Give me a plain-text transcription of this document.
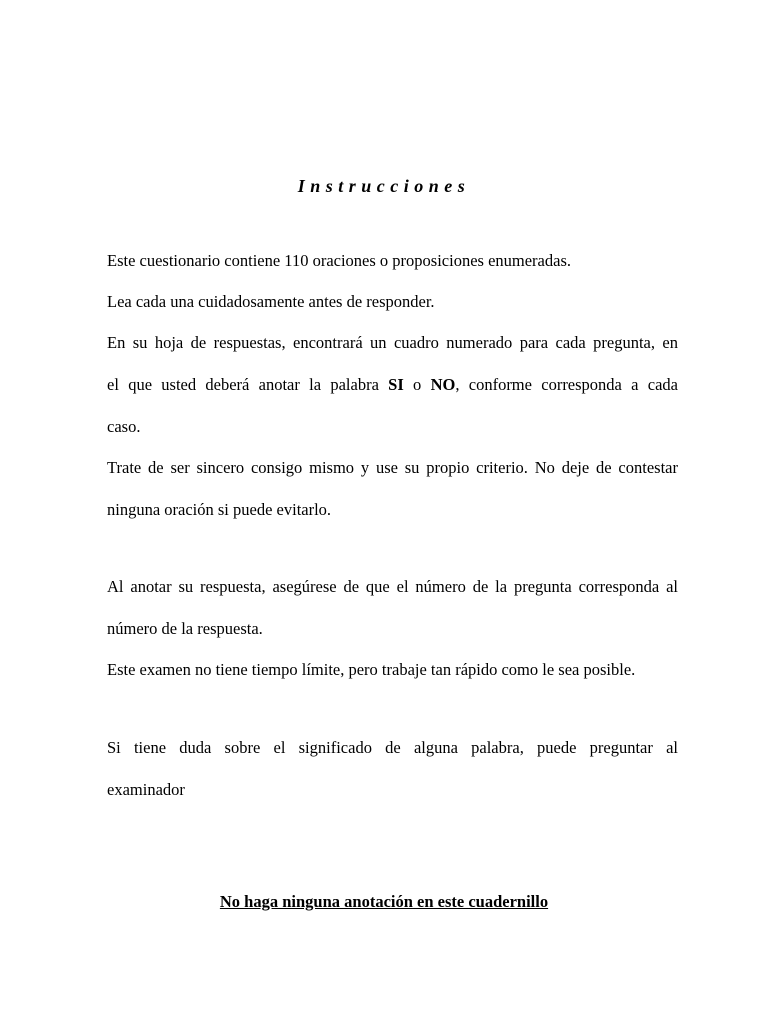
Instrucciones

Este cuestionario contiene 110 oraciones o proposiciones enumeradas.

Lea cada una cuidadosamente antes de responder.

En su hoja de respuestas, encontrará un cuadro numerado para cada pregunta, en

el que usted deberá anotar la palabra SI o NO, conforme corresponda a cada

caso.

Trate de ser sincero consigo mismo y use su propio criterio. No deje de contestar

ninguna oración si puede evitarlo.

Al anotar su respuesta, asegúrese de que el número de la pregunta corresponda al

número de la respuesta.

Este examen no tiene tiempo límite, pero trabaje tan rápido como le sea posible.

Si tiene duda sobre el significado de alguna palabra, puede preguntar al

examinador

No haga ninguna anotación en este cuadernillo
